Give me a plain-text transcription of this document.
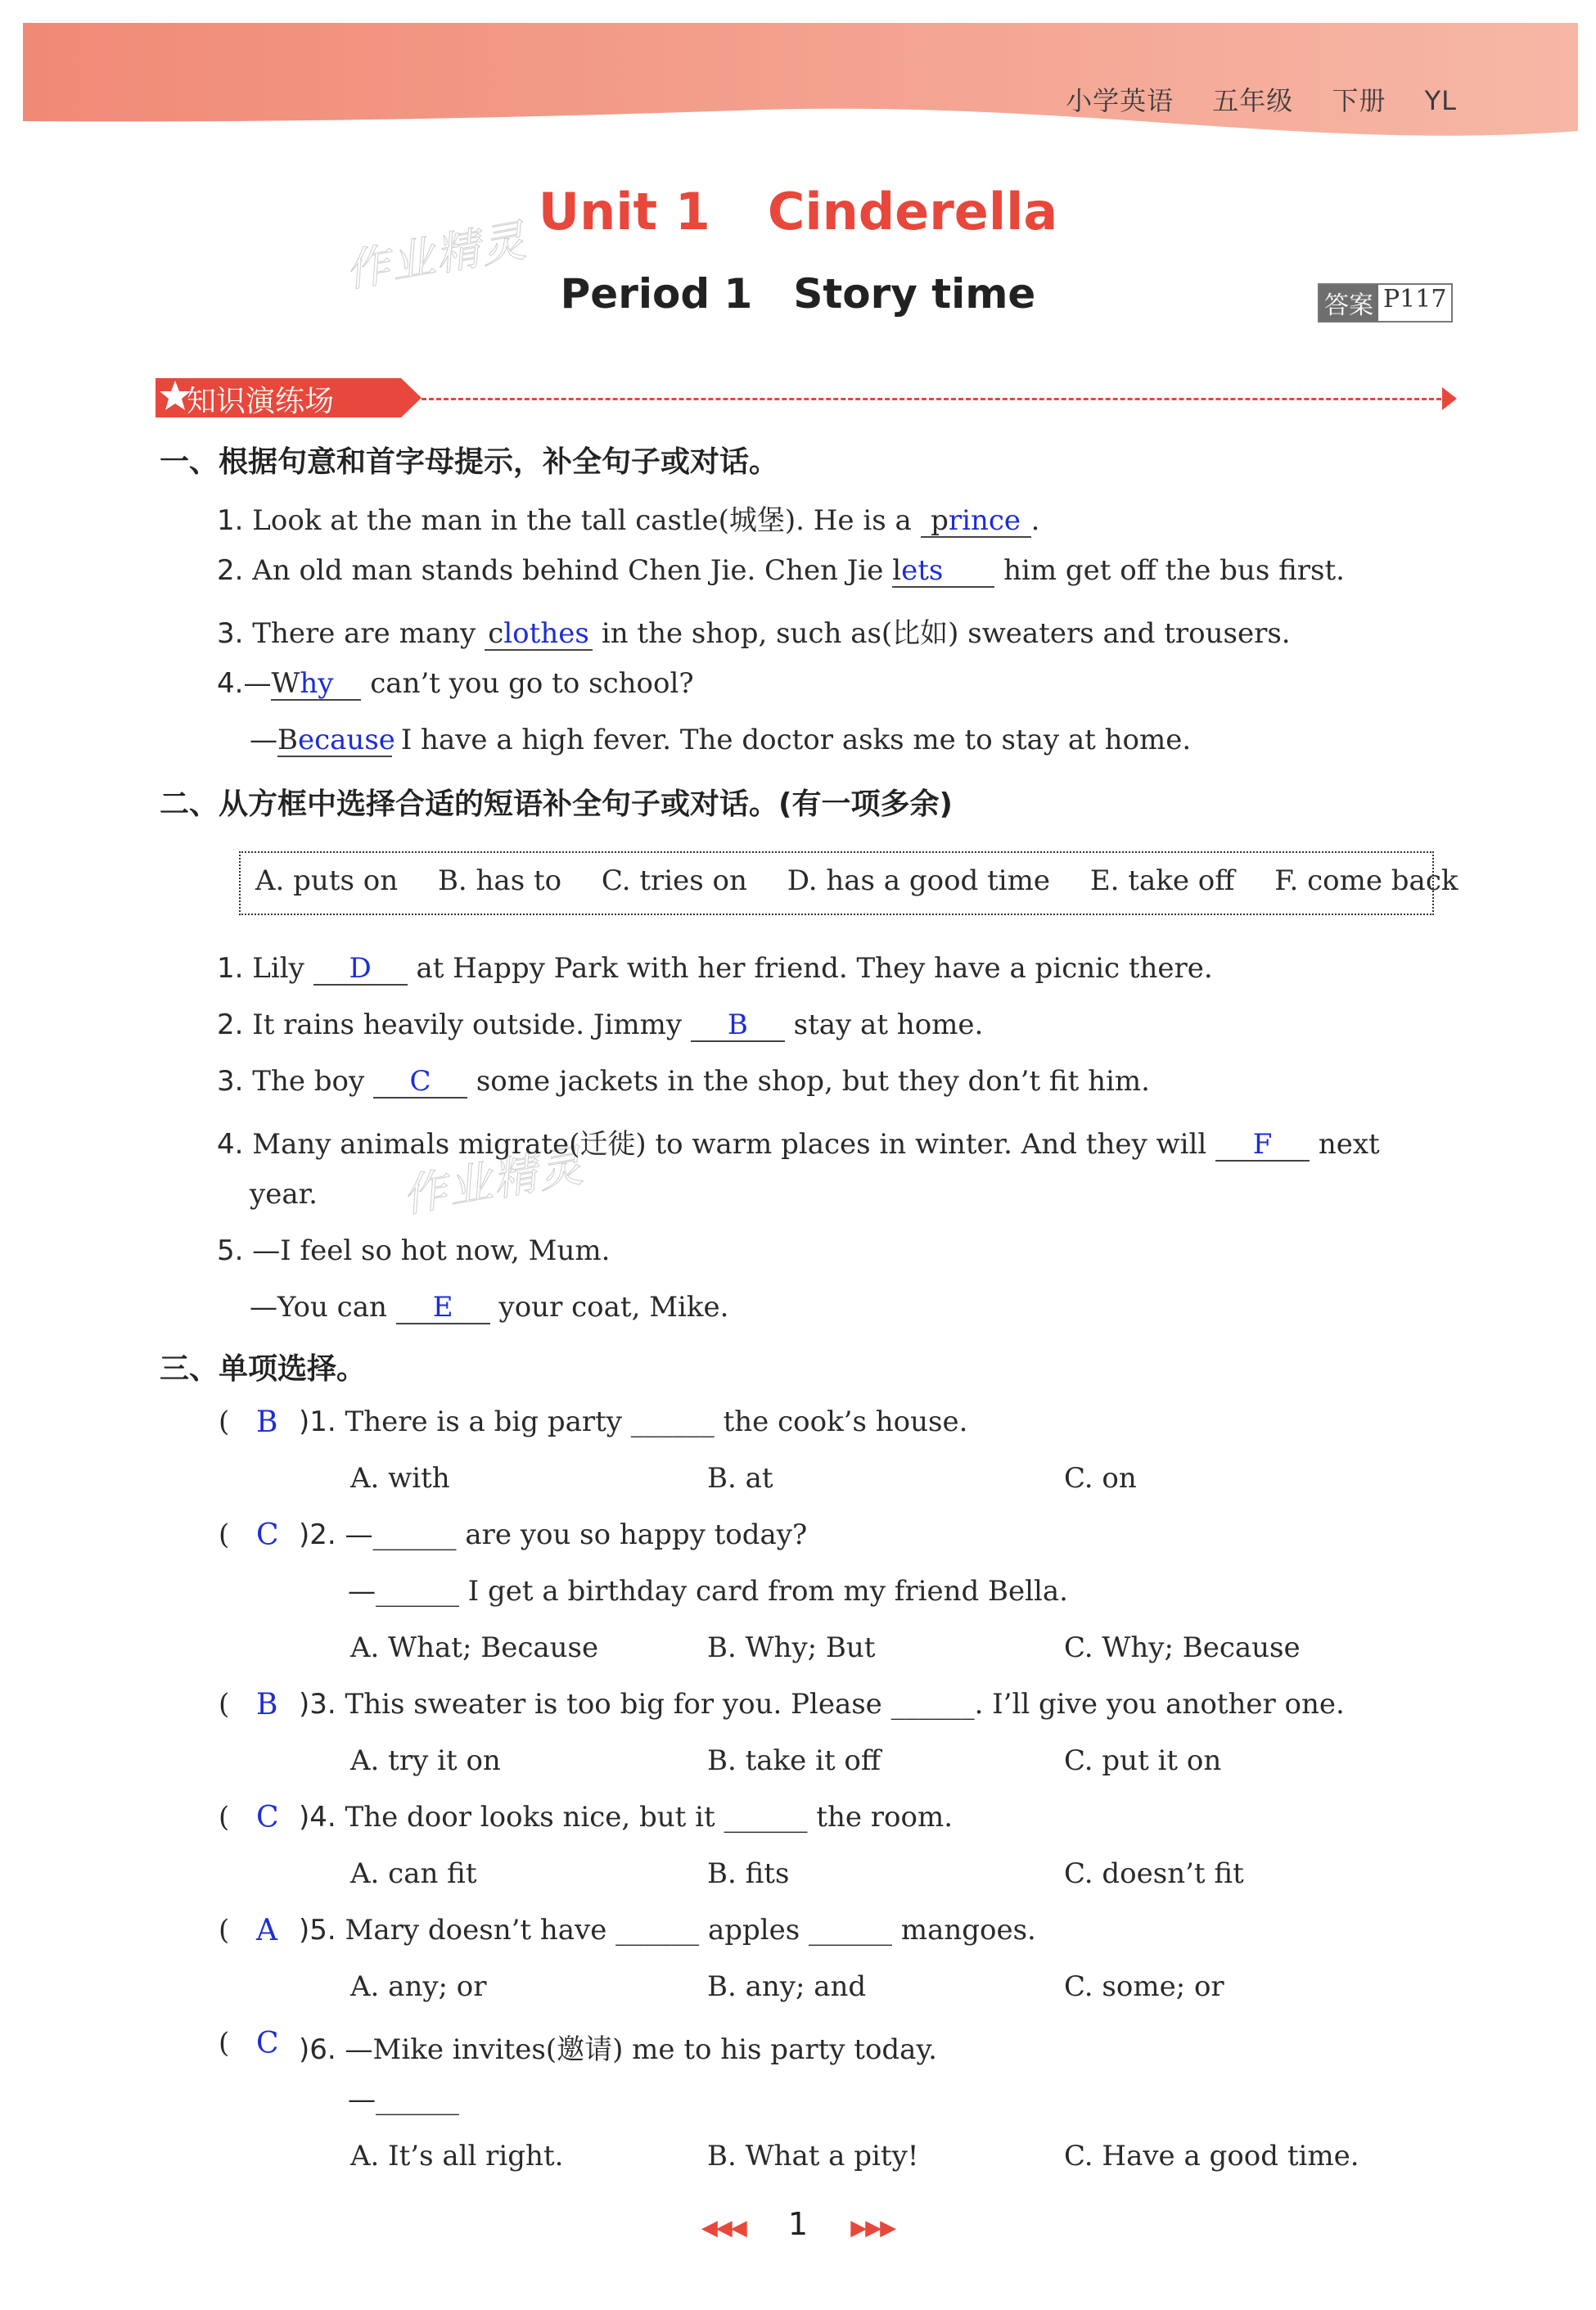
小学英语 五年级 下册 YL
作业精灵
作业精灵
Unit 1 Cinderella
Period 1 Story time	答案 P117
知识演练场
一、根据句意和首字母提示，补全句子或对话。
1. Look at the man in the tall castle(城堡). He is a prince .
2. An old man stands behind Chen Jie. Chen Jie lets him get off the bus first.
3. There are many clothes in the shop, such as(比如) sweaters and trousers.
4.—Why can’t you go to school?
—Because I have a high fever. The doctor asks me to stay at home.
二、从方框中选择合适的短语补全句子或对话。(有一项多余)
A. puts on B. has to C. tries on D. has a good time E. take off F. come back
1. Lily D at Happy Park with her friend. They have a picnic there.
2. It rains heavily outside. Jimmy B stay at home.
3. The boy C some jackets in the shop, but they don’t fit him.
4. Many animals migrate(迁徙) to warm places in winter. And they will F next
year.
5. —I feel so hot now, Mum.
—You can E your coat, Mike.
三、单项选择。
( B )1. There is a big party ______ the cook’s house.
A. with	B. at	C. on
( C )2. —______ are you so happy today?
—______ I get a birthday card from my friend Bella.
A. What; Because	B. Why; But	C. Why; Because
( B )3. This sweater is too big for you. Please ______. I’ll give you another one.
A. try it on	B. take it off	C. put it on
( C )4. The door looks nice, but it ______ the room.
A. can fit	B. fits	C. doesn’t fit
( A )5. Mary doesn’t have ______ apples ______ mangoes.
A. any; or	B. any; and	C. some; or
( C )6. —Mike invites(邀请) me to his party today.
—______
A. It’s all right.	B. What a pity!	C. Have a good time.
◀◀◀ 1 ▶▶▶
